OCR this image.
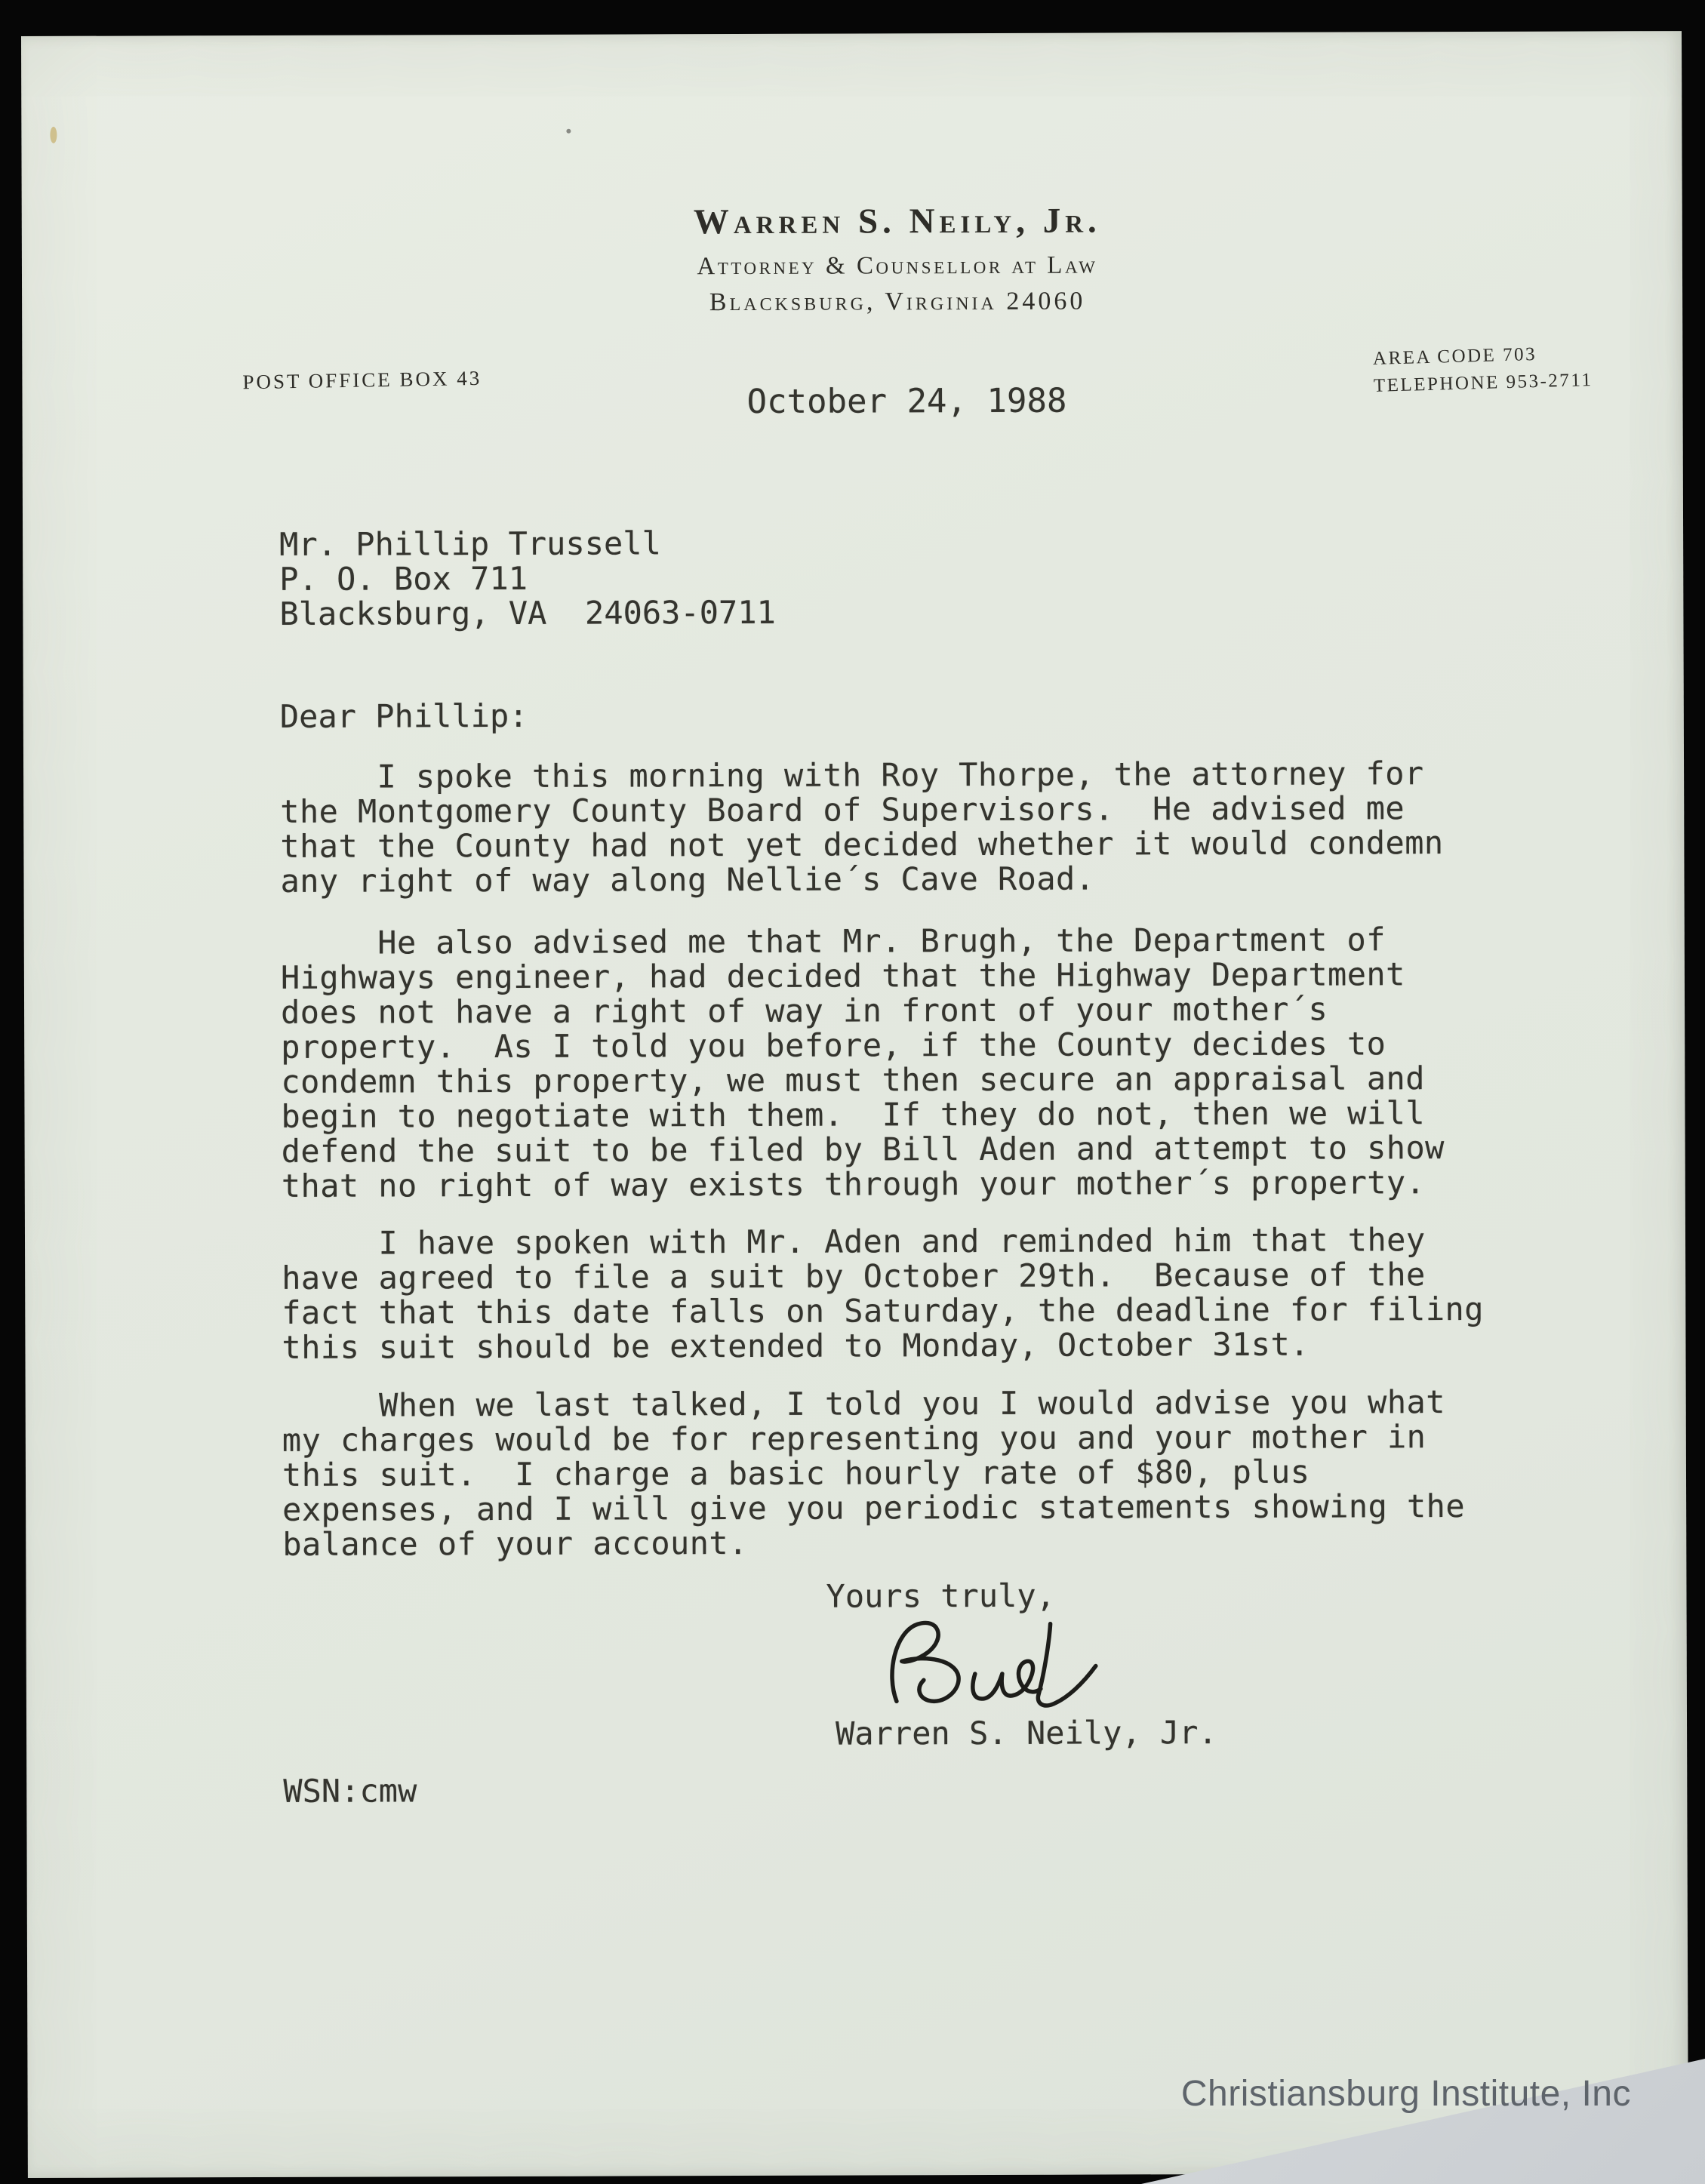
Warren S. Neily, Jr.
Attorney & Counsellor at Law
Blacksburg, Virginia 24060
POST OFFICE BOX 43
AREA CODE 703
TELEPHONE 953-2711
October 24, 1988
Mr. Phillip Trussell
P. O. Box 711
Blacksburg, VA  24063-0711
Dear Phillip:
I spoke this morning with Roy Thorpe, the attorney for
the Montgomery County Board of Supervisors.  He advised me
that the County had not yet decided whether it would condemn
any right of way along Nellie´s Cave Road.
He also advised me that Mr. Brugh, the Department of
Highways engineer, had decided that the Highway Department
does not have a right of way in front of your mother´s
property.  As I told you before, if the County decides to
condemn this property, we must then secure an appraisal and
begin to negotiate with them.  If they do not, then we will
defend the suit to be filed by Bill Aden and attempt to show
that no right of way exists through your mother´s property.
I have spoken with Mr. Aden and reminded him that they
have agreed to file a suit by October 29th.  Because of the
fact that this date falls on Saturday, the deadline for filing
this suit should be extended to Monday, October 31st.
When we last talked, I told you I would advise you what
my charges would be for representing you and your mother in
this suit.  I charge a basic hourly rate of $80, plus
expenses, and I will give you periodic statements showing the
balance of your account.
Yours truly,
Warren S. Neily, Jr.
WSN:cmw
Christiansburg Institute, Inc
